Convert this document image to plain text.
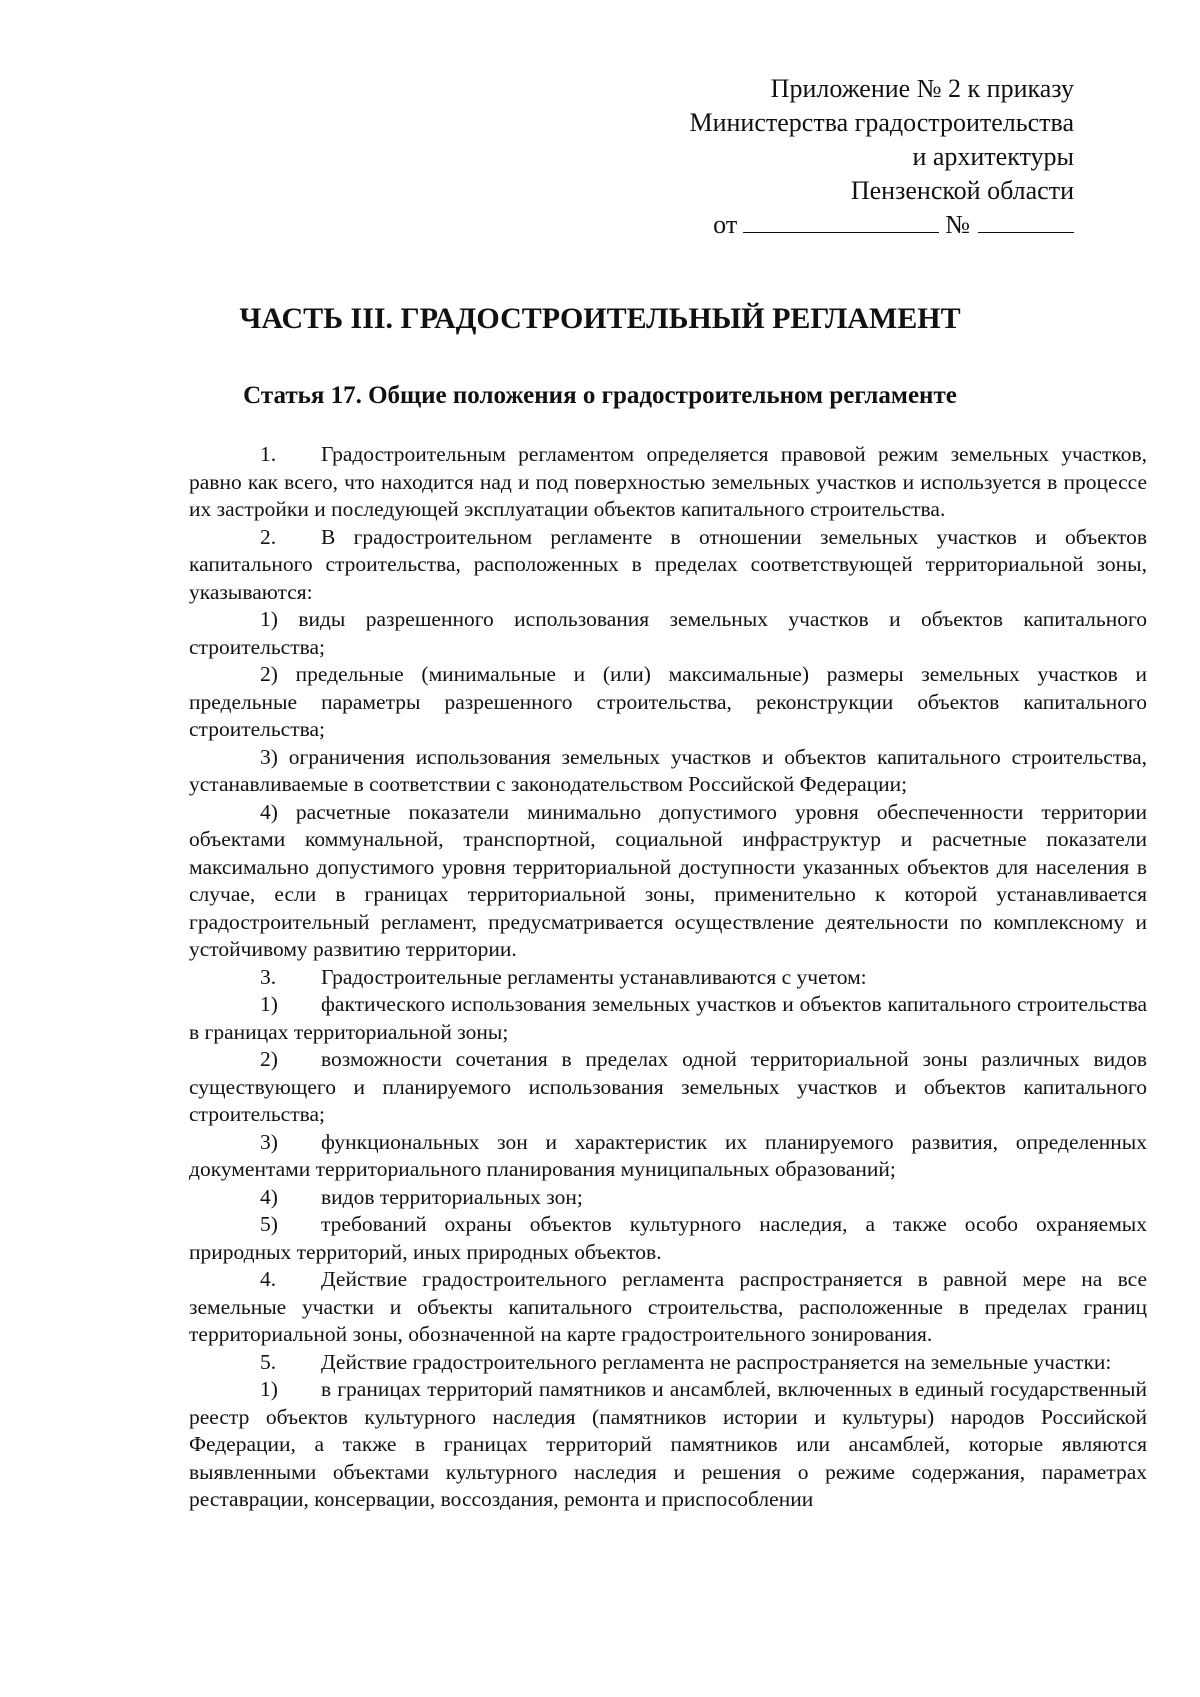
Приложение № 2 к приказу
Министерства градостроительства
и архитектуры
Пензенской области
от	№
ЧАСТЬ III. ГРАДОСТРОИТЕЛЬНЫЙ РЕГЛАМЕНТ
Статья 17. Общие положения о градостроительном регламенте

1. Градостроительным регламентом определяется правовой режим земельных участков, равно как всего, что находится над и под поверхностью земельных участков и используется в процессе их застройки и последующей эксплуатации объектов капитального строительства.

2. В градостроительном регламенте в отношении земельных участков и объектов капитального строительства, расположенных в пределах соответствующей территориальной зоны, указываются:

1) виды разрешенного использования земельных участков и объектов капитального строительства;

2) предельные (минимальные и (или) максимальные) размеры земельных участков и предельные параметры разрешенного строительства, реконструкции объектов капитального строительства;

3) ограничения использования земельных участков и объектов капитального строительства, устанавливаемые в соответствии с законодательством Российской Федерации;

4) расчетные показатели минимально допустимого уровня обеспеченности территории объектами коммунальной, транспортной, социальной инфраструктур и расчетные показатели максимально допустимого уровня территориальной доступности указанных объектов для населения в случае, если в границах территориальной зоны, применительно к которой устанавливается градостроительный регламент, предусматривается осуществление деятельности по комплексному и устойчивому развитию территории.

3. Градостроительные регламенты устанавливаются с учетом:

1) фактического использования земельных участков и объектов капитального строительства в границах территориальной зоны;

2) возможности сочетания в пределах одной территориальной зоны различных видов существующего и планируемого использования земельных участков и объектов капитального строительства;

3) функциональных зон и характеристик их планируемого развития, определенных документами территориального планирования муниципальных образований;

4) видов территориальных зон;

5) требований охраны объектов культурного наследия, а также особо охраняемых природных территорий, иных природных объектов.

4. Действие градостроительного регламента распространяется в равной мере на все земельные участки и объекты капитального строительства, расположенные в пределах границ территориальной зоны, обозначенной на карте градостроительного зонирования.

5. Действие градостроительного регламента не распространяется на земельные участки:

1) в границах территорий памятников и ансамблей, включенных в единый государственный реестр объектов культурного наследия (памятников истории и культуры) народов Российской Федерации, а также в границах территорий памятников или ансамблей, которые являются выявленными объектами культурного наследия и решения о режиме содержания, параметрах реставрации, консервации, воссоздания, ремонта и приспособлении
